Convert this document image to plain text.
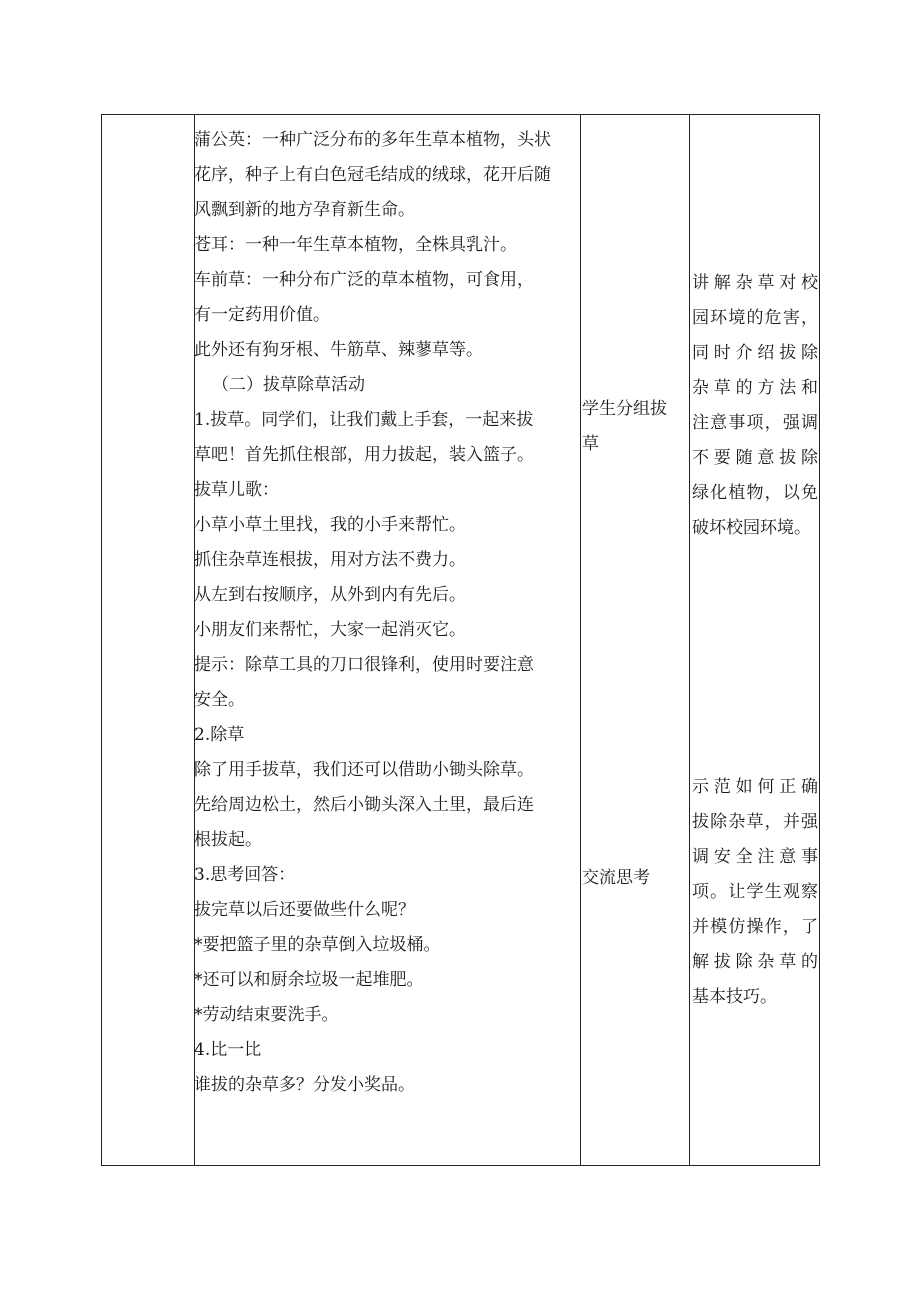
蒲公英：一种广泛分布的多年生草本植物，头状

花序，种子上有白色冠毛结成的绒球，花开后随

风飘到新的地方孕育新生命。

苍耳：一种一年生草本植物，全株具乳汁。

车前草：一种分布广泛的草本植物，可食用，

有一定药用价值。

此外还有狗牙根、牛筋草、辣蓼草等。

（二）拔草除草活动

1.拔草。同学们，让我们戴上手套，一起来拔

草吧！首先抓住根部，用力拔起，装入篮子。

拔草儿歌：

小草小草土里找，我的小手来帮忙。

抓住杂草连根拔，用对方法不费力。

从左到右按顺序，从外到内有先后。

小朋友们来帮忙，大家一起消灭它。

提示：除草工具的刀口很锋利，使用时要注意

安全。

2.除草

除了用手拔草，我们还可以借助小锄头除草。

先给周边松土，然后小锄头深入土里，最后连

根拔起。

3.思考回答：

拔完草以后还要做些什么呢？

*要把篮子里的杂草倒入垃圾桶。

*还可以和厨余垃圾一起堆肥。

*劳动结束要洗手。

4.比一比

谁拔的杂草多？分发小奖品。

学生分组拔

草

交流思考

讲解杂草对校

园环境的危害，

同时介绍拔除

杂草的方法和

注意事项，强调

不要随意拔除

绿化植物，以免

破坏校园环境。

示范如何正确

拔除杂草，并强

调安全注意事

项。让学生观察

并模仿操作，了

解拔除杂草的

基本技巧。
